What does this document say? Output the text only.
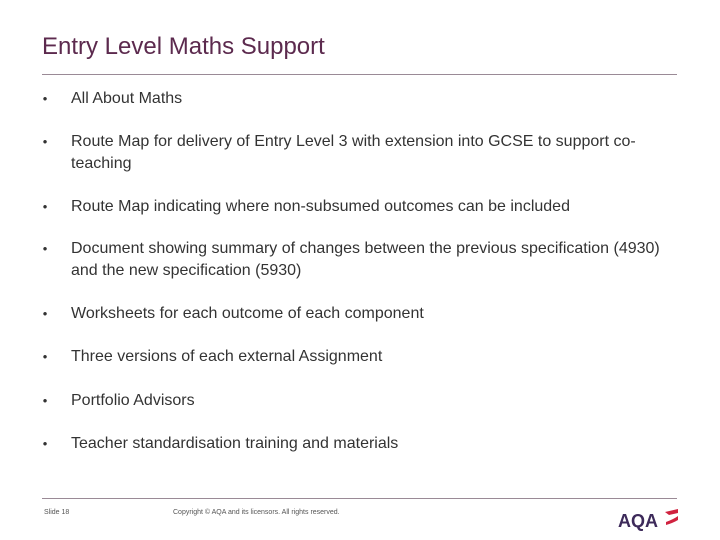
Entry Level Maths Support
• All About Maths
• Route Map for delivery of Entry Level 3 with extension into GCSE to support co-teaching
• Route Map indicating where non-subsumed outcomes can be included
• Document showing summary of changes between the previous specification (4930) and the new specification (5930)
• Worksheets for each outcome of each component
• Three versions of each external Assignment
• Portfolio Advisors
• Teacher standardisation training and materials
Slide 18	Copyright © AQA and its licensors. All rights reserved.	AQA
